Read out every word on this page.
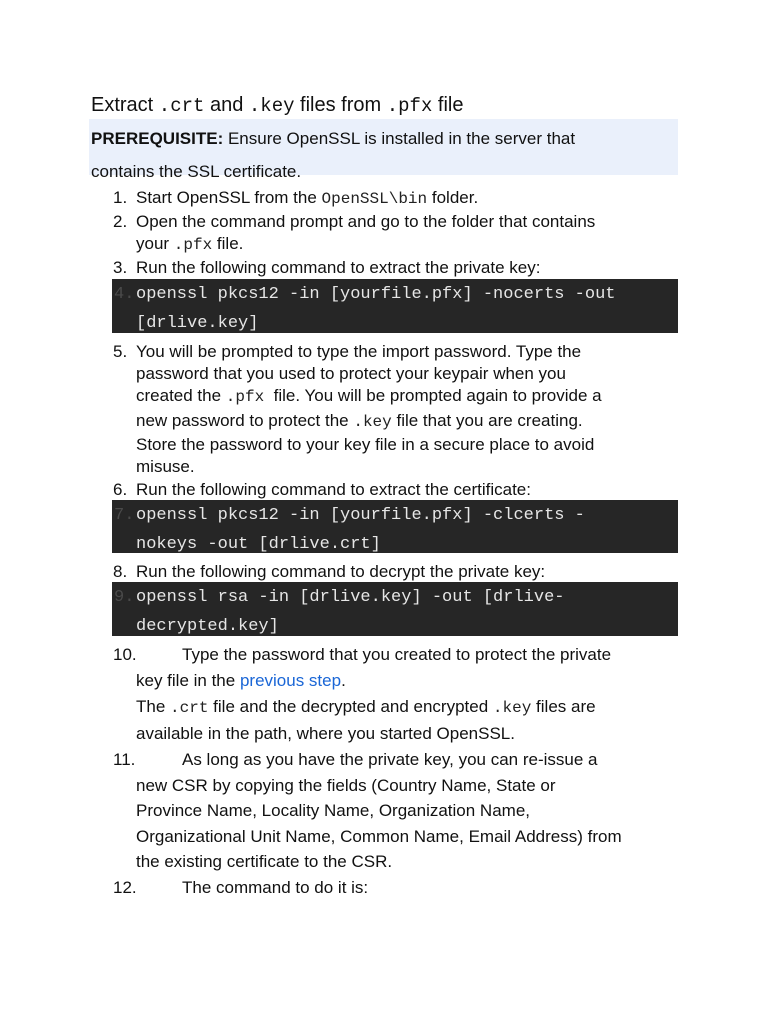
Extract .crt and .key files from .pfx file
PREREQUISITE: Ensure OpenSSL is installed in the server that
contains the SSL certificate.
1. Start OpenSSL from the OpenSSL\bin folder.
2. Open the command prompt and go to the folder that contains
your .pfx file.
3. Run the following command to extract the private key:
4. openssl pkcs12 -in [yourfile.pfx] -nocerts -out
[drlive.key]
5. You will be prompted to type the import password. Type the
password that you used to protect your keypair when you
created the .pfx  file. You will be prompted again to provide a
new password to protect the .key file that you are creating.
Store the password to your key file in a secure place to avoid
misuse.
6. Run the following command to extract the certificate:
7. openssl pkcs12 -in [yourfile.pfx] -clcerts -
nokeys -out [drlive.crt]
8. Run the following command to decrypt the private key:
9. openssl rsa -in [drlive.key] -out [drlive-
decrypted.key]
10.	Type the password that you created to protect the private
key file in the previous step.
The .crt file and the decrypted and encrypted .key files are
available in the path, where you started OpenSSL.
11.	As long as you have the private key, you can re-issue a
new CSR by copying the fields (Country Name, State or
Province Name, Locality Name, Organization Name,
Organizational Unit Name, Common Name, Email Address) from
the existing certificate to the CSR.
12.	The command to do it is:
